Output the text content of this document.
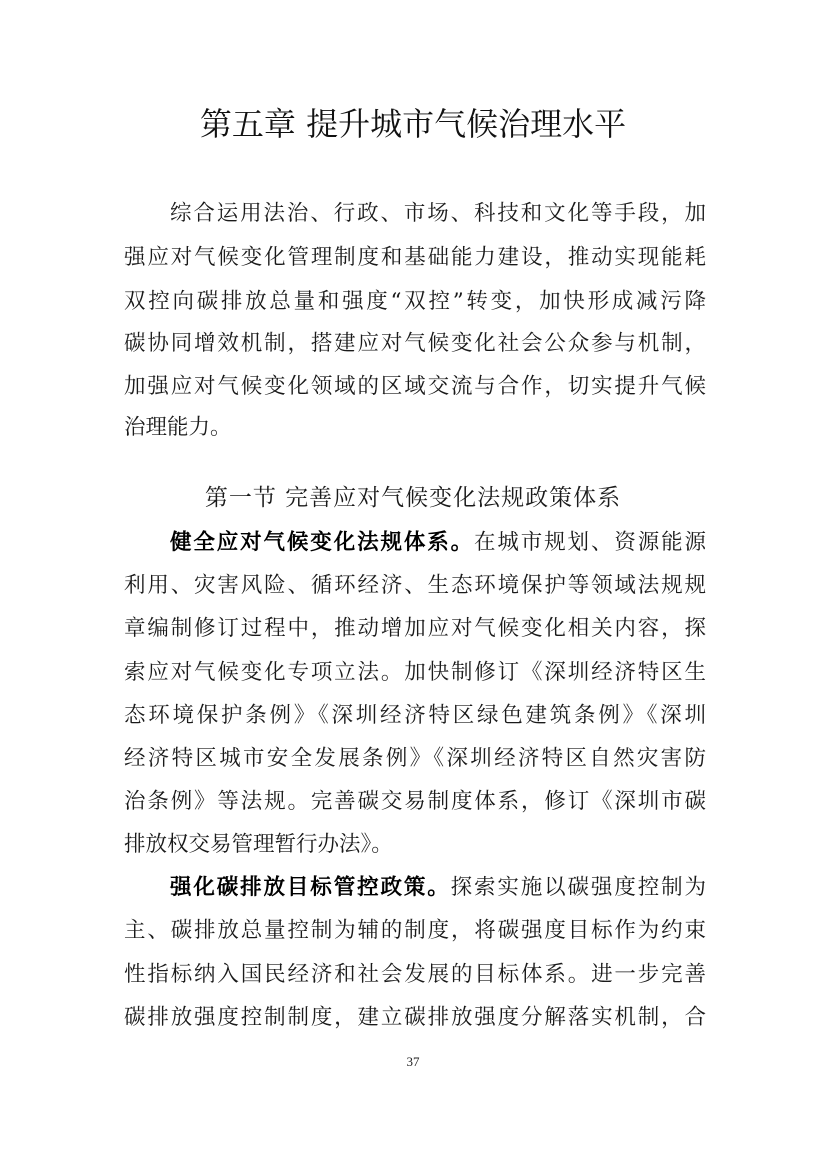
第五章 提升城市气候治理水平
综合运用法治、行政、市场、科技和文化等手段，加
强应对气候变化管理制度和基础能力建设，推动实现能耗
双控向碳排放总量和强度“双控”转变，加快形成减污降
碳协同增效机制，搭建应对气候变化社会公众参与机制，
加强应对气候变化领域的区域交流与合作，切实提升气候
治理能力。
第一节 完善应对气候变化法规政策体系
健全应对气候变化法规体系。在城市规划、资源能源
利用、灾害风险、循环经济、生态环境保护等领域法规规
章编制修订过程中，推动增加应对气候变化相关内容，探
索应对气候变化专项立法。加快制修订《深圳经济特区生
态环境保护条例》《深圳经济特区绿色建筑条例》《深圳
经济特区城市安全发展条例》《深圳经济特区自然灾害防
治条例》等法规。完善碳交易制度体系，修订《深圳市碳
排放权交易管理暂行办法》。
强化碳排放目标管控政策。探索实施以碳强度控制为
主、碳排放总量控制为辅的制度，将碳强度目标作为约束
性指标纳入国民经济和社会发展的目标体系。进一步完善
碳排放强度控制制度，建立碳排放强度分解落实机制，合
37
